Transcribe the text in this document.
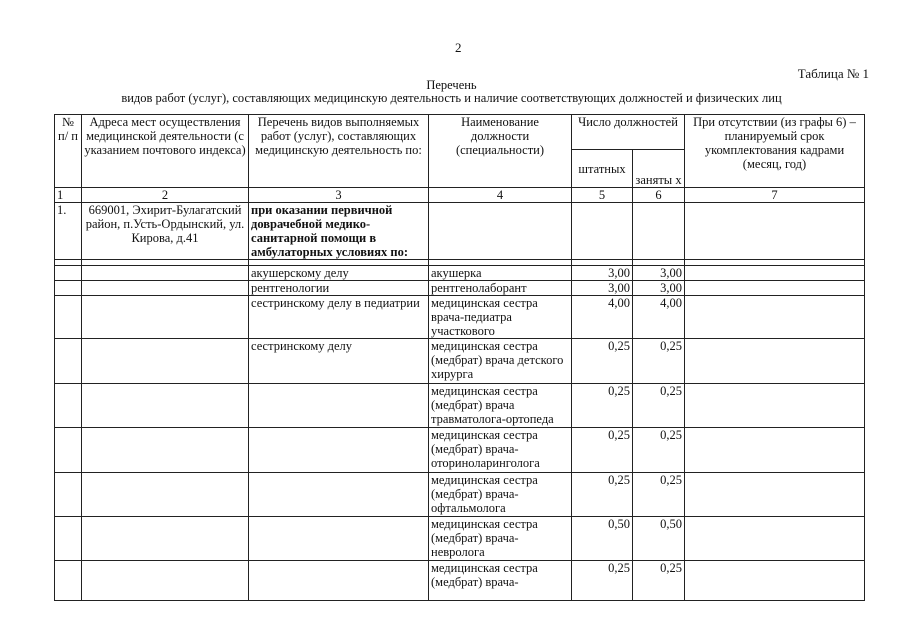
2
Таблица № 1
Перечень
видов работ (услуг), составляющих медицинскую деятельность и наличие соответствующих должностей и физических лиц
№ п/ п	Адреса мест осуществления медицинской деятельности (с указанием почтового индекса)	Перечень видов выполняемых работ (услуг), составляющих медицинскую деятельность по:	Наименование должности (специальности)	Число должностей		При отсутствии (из графы 6) – планируемый срок укомплектования кадрами (месяц, год)
				штатных	заняты х	
1	2	3	4	5	6	7
1.	669001, Эхирит-Булагатский район, п.Усть-Ордынский, ул. Кирова, д.41	при оказании первичной доврачебной медико-санитарной помощи в амбулаторных условиях по:				

		акушерскому делу	акушерка	3,00	3,00	
		рентгенологии	рентгенолаборант	3,00	3,00	
		сестринскому делу в педиатрии	медицинская сестра врача-педиатра участкового	4,00	4,00	
		сестринскому делу	медицинская сестра (медбрат) врача детского хирурга	0,25	0,25	
			медицинская сестра (медбрат) врача травматолога-ортопеда	0,25	0,25	
			медицинская сестра (медбрат) врача-оториноларинголога	0,25	0,25	
			медицинская сестра (медбрат) врача-офтальмолога	0,25	0,25	
			медицинская сестра (медбрат) врача-невролога	0,50	0,50	
			медицинская сестра (медбрат) врача-	0,25	0,25	
